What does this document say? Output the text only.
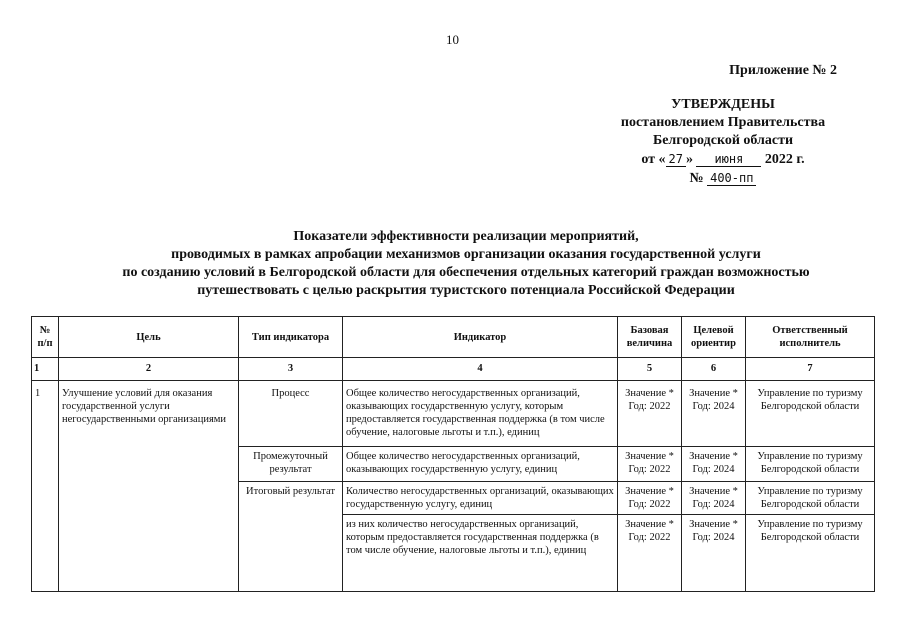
10
Приложение № 2
УТВЕРЖДЕНЫ
постановлением Правительства
Белгородской области
от « 27 » июня 2022 г.
№ 400-пп
Показатели эффективности реализации мероприятий,
проводимых в рамках апробации механизмов организации оказания государственной услуги
по созданию условий в Белгородской области для обеспечения отдельных категорий граждан возможностью
путешествовать с целью раскрытия туристского потенциала Российской Федерации
№ п/п	Цель	Тип индикатора	Индикатор	Базовая величина	Целевой ориентир	Ответственный исполнитель
1	2	3	4	5	6	7
1	Улучшение условий для оказания государственной услуги негосударственными организациями	Процесс	Общее количество негосударственных организаций, оказывающих государственную услугу, которым предоставляется государственная поддержка (в том числе обучение, налоговые льготы и т.п.), единиц	Значение * Год: 2022	Значение * Год: 2024	Управление по туризму Белгородской области
		Промежуточный результат	Общее количество негосударственных организаций, оказывающих государственную услугу, единиц	Значение * Год: 2022	Значение * Год: 2024	Управление по туризму Белгородской области
		Итоговый результат	Количество негосударственных организаций, оказывающих государственную услугу, единиц	Значение * Год: 2022	Значение * Год: 2024	Управление по туризму Белгородской области
			из них количество негосударственных организаций, которым предоставляется государственная поддержка (в том числе обучение, налоговые льготы и т.п.), единиц	Значение * Год: 2022	Значение * Год: 2024	Управление по туризму Белгородской области
